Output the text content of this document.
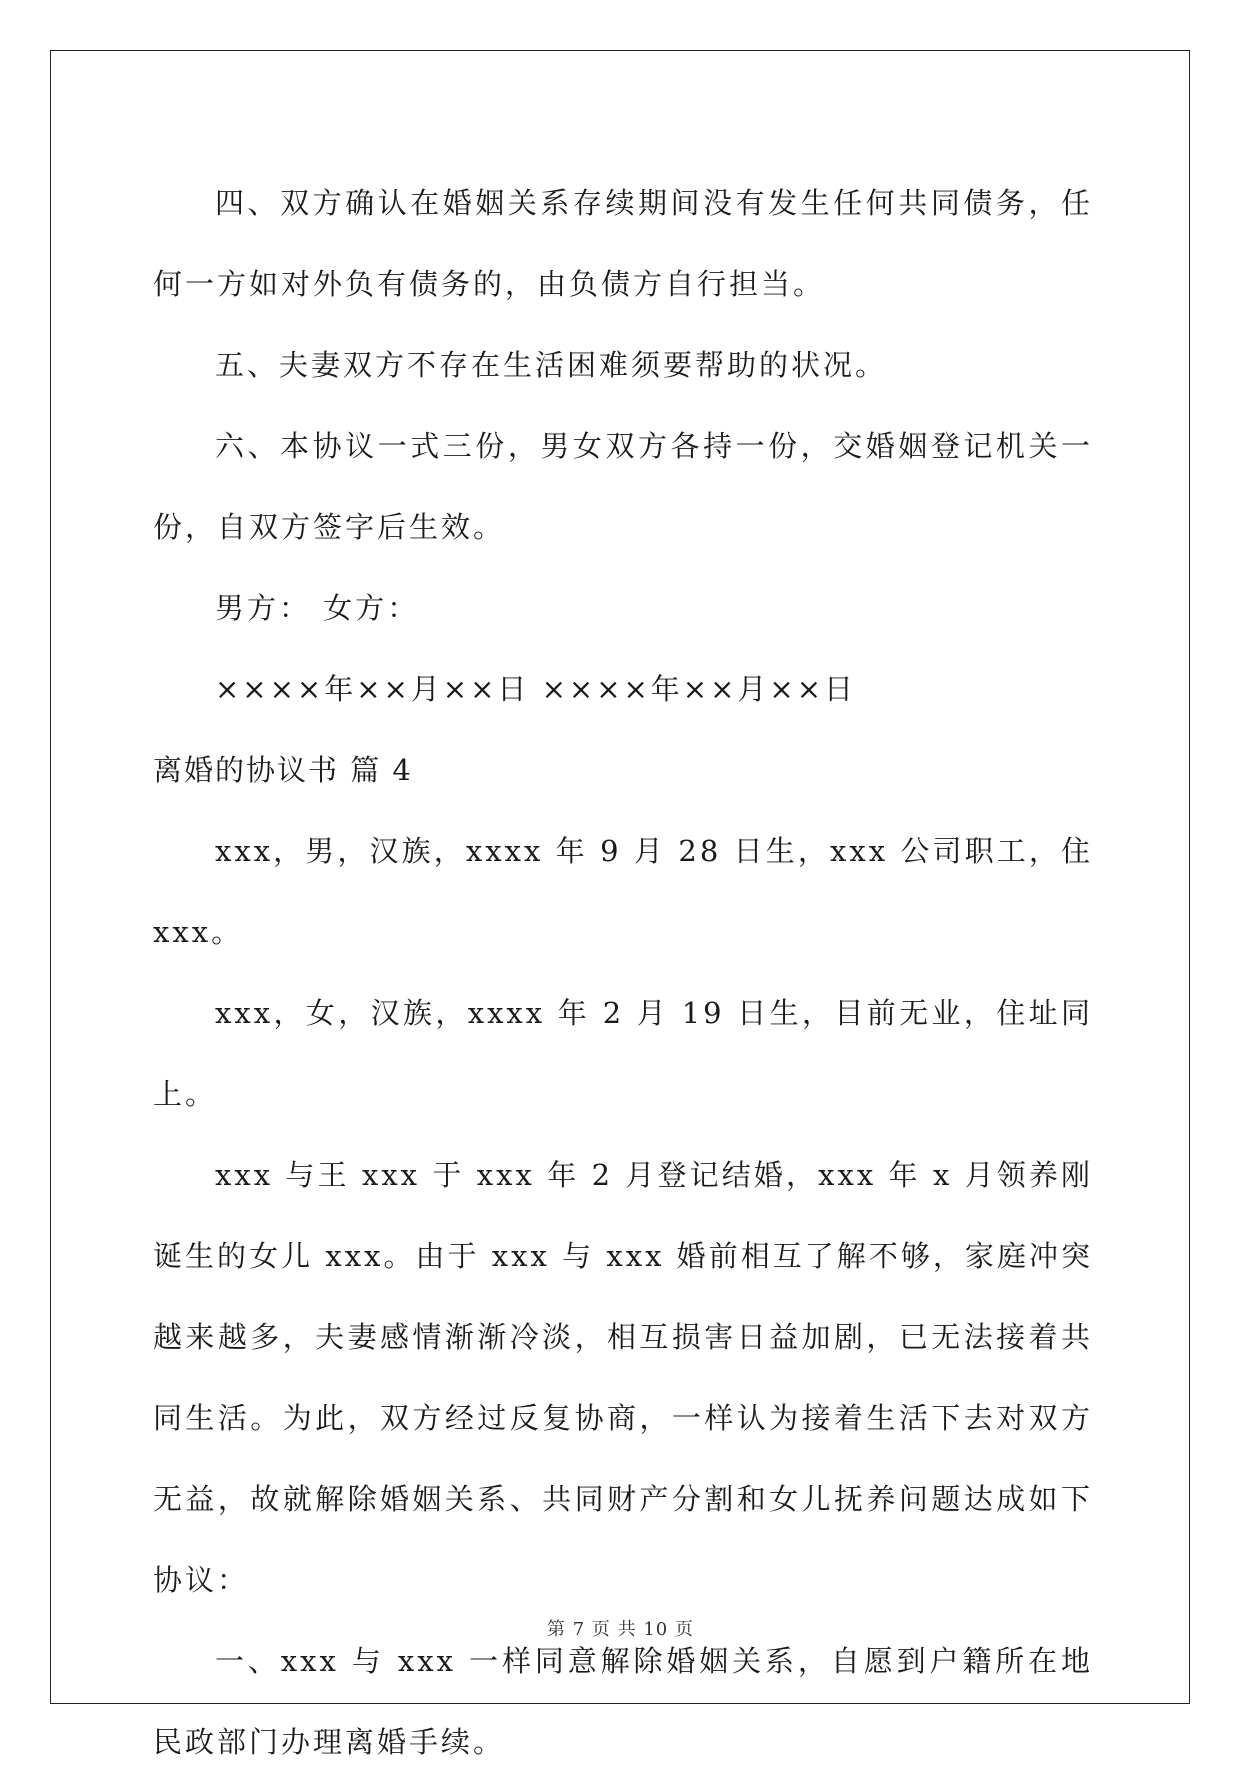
四、双方确认在婚姻关系存续期间没有发生任何共同债务，任何一方如对外负有债务的，由负债方自行担当。

五、夫妻双方不存在生活困难须要帮助的状况。

六、本协议一式三份，男女双方各持一份，交婚姻登记机关一份，自双方签字后生效。

男方： 女方：

××××年××月××日 ××××年××月××日

离婚的协议书 篇 4

xxx，男，汉族，xxxx 年 9 月 28 日生，xxx 公司职工，住 xxx。

xxx，女，汉族，xxxx 年 2 月 19 日生，目前无业，住址同上。

xxx 与王 xxx 于 xxx 年 2 月登记结婚，xxx 年 x 月领养刚诞生的女儿 xxx。由于 xxx 与 xxx 婚前相互了解不够，家庭冲突越来越多，夫妻感情渐渐冷淡，相互损害日益加剧，已无法接着共同生活。为此，双方经过反复协商，一样认为接着生活下去对双方无益，故就解除婚姻关系、共同财产分割和女儿抚养问题达成如下协议：

一、xxx 与 xxx 一样同意解除婚姻关系，自愿到户籍所在地民政部门办理离婚手续。

第 7 页 共 10 页
